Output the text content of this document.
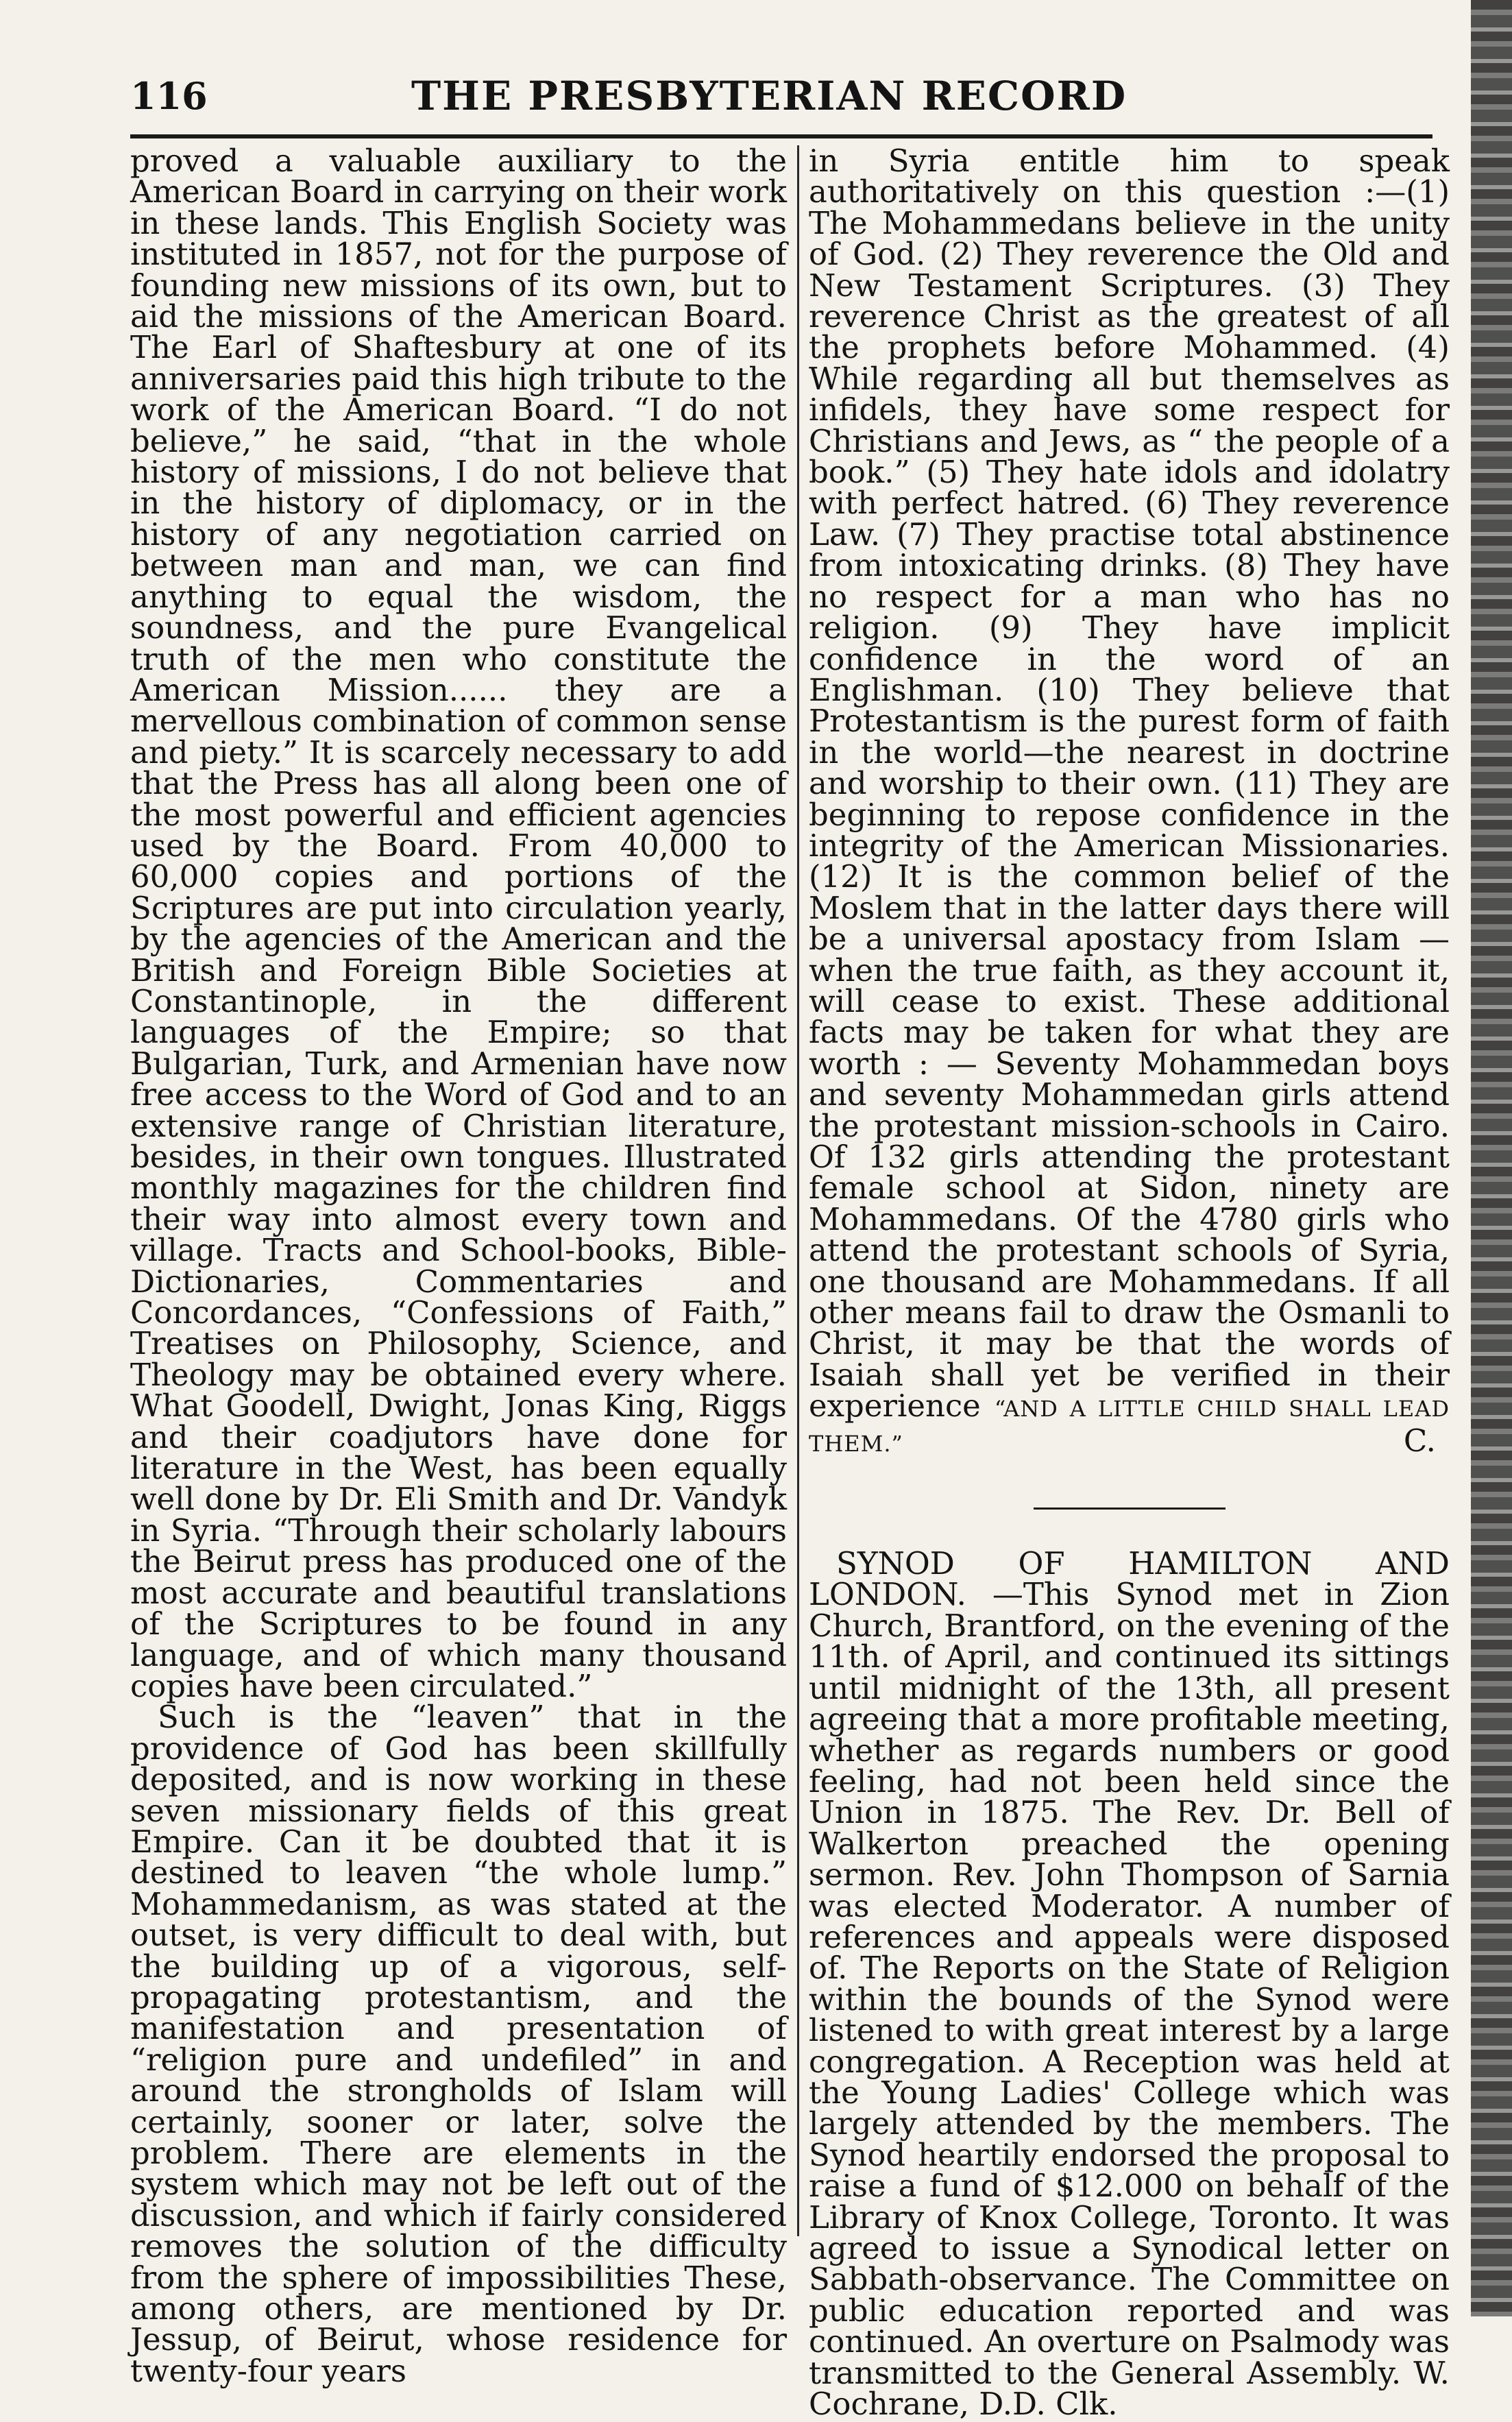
116	THE PRESBYTERIAN RECORD

proved a valuable auxiliary to the American Board in carrying on their work in these lands. This English Society was instituted in 1857, not for the purpose of founding new missions of its own, but to aid the missions of the American Board. The Earl of Shaftesbury at one of its anniversaries paid this high tribute to the work of the American Board. “I do not believe,” he said, “that in the whole history of missions, I do not believe that in the history of diplomacy, or in the history of any negotiation carried on between man and man, we can find anything to equal the wisdom, the soundness, and the pure Evangelical truth of the men who constitute the American Mission...... they are a mervellous combination of common sense and piety.” It is scarcely necessary to add that the Press has all along been one of the most powerful and efficient agencies used by the Board. From 40,000 to 60,000 copies and portions of the Scriptures are put into circulation yearly, by the agencies of the American and the British and Foreign Bible Societies at Constantinople, in the different languages of the Empire; so that Bulgarian, Turk, and Armenian have now free access to the Word of God and to an extensive range of Christian literature, besides, in their own tongues. Illustrated monthly magazines for the children find their way into almost every town and village. Tracts and School-books, Bible-Dictionaries, Commentaries and Concordances, “Confessions of Faith,” Treatises on Philosophy, Science, and Theology may be obtained every where. What Goodell, Dwight, Jonas King, Riggs and their coadjutors have done for literature in the West, has been equally well done by Dr. Eli Smith and Dr. Vandyk in Syria. “Through their scholarly labours the Beirut press has produced one of the most accurate and beautiful translations of the Scriptures to be found in any language, and of which many thousand copies have been circulated.”

Such is the “leaven” that in the providence of God has been skillfully deposited, and is now working in these seven missionary fields of this great Empire. Can it be doubted that it is destined to leaven “the whole lump.” Mohammedanism, as was stated at the outset, is very difficult to deal with, but the building up of a vigorous, self-propagating protestantism, and the manifestation and presentation of “religion pure and undefiled” in and around the strongholds of Islam will certainly, sooner or later, solve the problem. There are elements in the system which may not be left out of the discussion, and which if fairly considered removes the solution of the difficulty from the sphere of impossibilities These, among others, are mentioned by Dr. Jessup, of Beirut, whose residence for twenty-four years

in Syria entitle him to speak authoritatively on this question :—(1) The Mohammedans believe in the unity of God. (2) They reverence the Old and New Testament Scriptures. (3) They reverence Christ as the greatest of all the prophets before Mohammed. (4) While regarding all but themselves as infidels, they have some respect for Christians and Jews, as “ the people of a book.” (5) They hate idols and idolatry with perfect hatred. (6) They reverence Law. (7) They practise total abstinence from intoxicating drinks. (8) They have no respect for a man who has no religion. (9) They have implicit confidence in the word of an Englishman. (10) They believe that Protestantism is the purest form of faith in the world—the nearest in doctrine and worship to their own. (11) They are beginning to repose confidence in the integrity of the American Missionaries. (12) It is the common belief of the Moslem that in the latter days there will be a universal apostacy from Islam — when the true faith, as they account it, will cease to exist. These additional facts may be taken for what they are worth : — Seventy Mohammedan boys and seventy Mohammedan girls attend the protestant mission-schools in Cairo. Of 132 girls attending the protestant female school at Sidon, ninety are Mohammedans. Of the 4780 girls who attend the protestant schools of Syria, one thousand are Mohammedans. If all other means fail to draw the Osmanli to Christ, it may be that the words of Isaiah shall yet be verified in their experience “AND A LITTLE CHILD SHALL LEAD THEM.”	C.

SYNOD OF HAMILTON AND LONDON. —This Synod met in Zion Church, Brantford, on the evening of the 11th. of April, and continued its sittings until midnight of the 13th, all present agreeing that a more profitable meeting, whether as regards numbers or good feeling, had not been held since the Union in 1875. The Rev. Dr. Bell of Walkerton preached the opening sermon. Rev. John Thompson of Sarnia was elected Moderator. A number of references and appeals were disposed of. The Reports on the State of Religion within the bounds of the Synod were listened to with great interest by a large congregation. A Reception was held at the Young Ladies' College which was largely attended by the members. The Synod heartily endorsed the proposal to raise a fund of $12.000 on behalf of the Library of Knox College, Toronto. It was agreed to issue a Synodical letter on Sabbath-observance. The Committee on public education reported and was continued. An overture on Psalmody was transmitted to the General Assembly. W. Cochrane, D.D. Clk.
